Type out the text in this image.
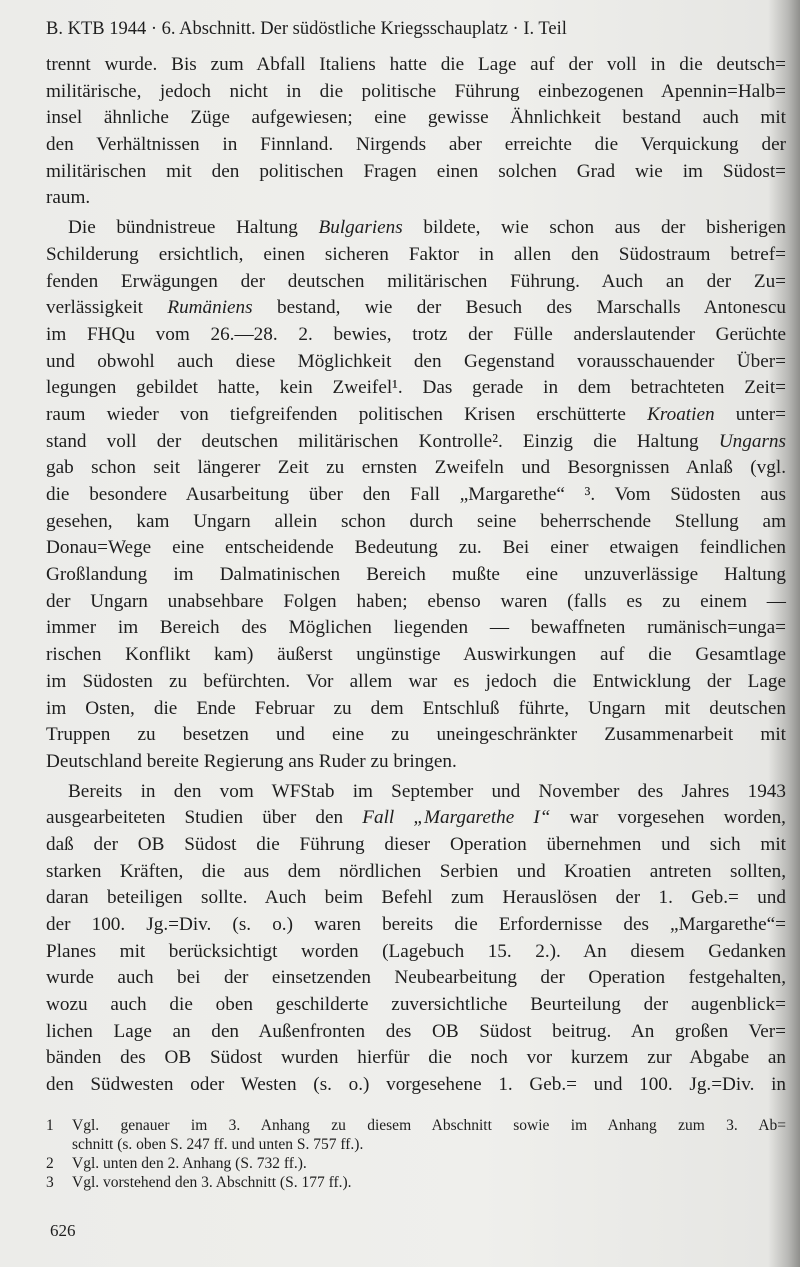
B. KTB 1944 · 6. Abschnitt. Der südöstliche Kriegsschauplatz · I. Teil
trennt wurde. Bis zum Abfall Italiens hatte die Lage auf der voll in die deutsch=
militärische, jedoch nicht in die politische Führung einbezogenen Apennin=Halb=
insel ähnliche Züge aufgewiesen; eine gewisse Ähnlichkeit bestand auch mit
den Verhältnissen in Finnland. Nirgends aber erreichte die Verquickung der
militärischen mit den politischen Fragen einen solchen Grad wie im Südost=
raum.
Die bündnistreue Haltung Bulgariens bildete, wie schon aus der bisherigen
Schilderung ersichtlich, einen sicheren Faktor in allen den Südostraum betref=
fenden Erwägungen der deutschen militärischen Führung. Auch an der Zu=
verlässigkeit Rumäniens bestand, wie der Besuch des Marschalls Antonescu
im FHQu vom 26.—28. 2. bewies, trotz der Fülle anderslautender Gerüchte
und obwohl auch diese Möglichkeit den Gegenstand vorausschauender Über=
legungen gebildet hatte, kein Zweifel¹. Das gerade in dem betrachteten Zeit=
raum wieder von tiefgreifenden politischen Krisen erschütterte Kroatien unter=
stand voll der deutschen militärischen Kontrolle². Einzig die Haltung Ungarns
gab schon seit längerer Zeit zu ernsten Zweifeln und Besorgnissen Anlaß (vgl.
die besondere Ausarbeitung über den Fall „Margarethe“ ³. Vom Südosten aus
gesehen, kam Ungarn allein schon durch seine beherrschende Stellung am
Donau=Wege eine entscheidende Bedeutung zu. Bei einer etwaigen feindlichen
Großlandung im Dalmatinischen Bereich mußte eine unzuverlässige Haltung
der Ungarn unabsehbare Folgen haben; ebenso waren (falls es zu einem —
immer im Bereich des Möglichen liegenden — bewaffneten rumänisch=unga=
rischen Konflikt kam) äußerst ungünstige Auswirkungen auf die Gesamtlage
im Südosten zu befürchten. Vor allem war es jedoch die Entwicklung der Lage
im Osten, die Ende Februar zu dem Entschluß führte, Ungarn mit deutschen
Truppen zu besetzen und eine zu uneingeschränkter Zusammenarbeit mit
Deutschland bereite Regierung ans Ruder zu bringen.
Bereits in den vom WFStab im September und November des Jahres 1943
ausgearbeiteten Studien über den Fall „Margarethe I“ war vorgesehen worden,
daß der OB Südost die Führung dieser Operation übernehmen und sich mit
starken Kräften, die aus dem nördlichen Serbien und Kroatien antreten sollten,
daran beteiligen sollte. Auch beim Befehl zum Herauslösen der 1. Geb.= und
der 100. Jg.=Div. (s. o.) waren bereits die Erfordernisse des „Margarethe“=
Planes mit berücksichtigt worden (Lagebuch 15. 2.). An diesem Gedanken
wurde auch bei der einsetzenden Neubearbeitung der Operation festgehalten,
wozu auch die oben geschilderte zuversichtliche Beurteilung der augenblick=
lichen Lage an den Außenfronten des OB Südost beitrug. An großen Ver=
bänden des OB Südost wurden hierfür die noch vor kurzem zur Abgabe an
den Südwesten oder Westen (s. o.) vorgesehene 1. Geb.= und 100. Jg.=Div. in
1	Vgl. genauer im 3. Anhang zu diesem Abschnitt sowie im Anhang zum 3. Ab=
schnitt (s. oben S. 247 ff. und unten S. 757 ff.).
2	Vgl. unten den 2. Anhang (S. 732 ff.).
3	Vgl. vorstehend den 3. Abschnitt (S. 177 ff.).
626
